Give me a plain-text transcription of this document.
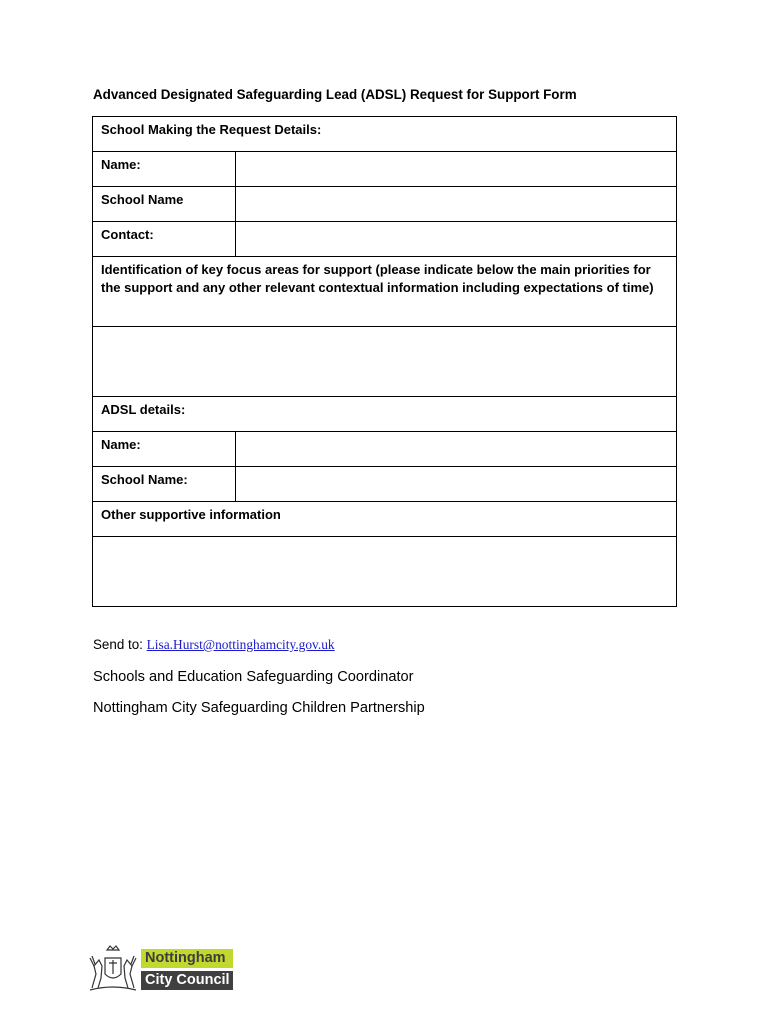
Advanced Designated Safeguarding Lead (ADSL) Request for Support Form
School Making the Request Details:	
Name:	
School Name	
Contact:	
Identification of key focus areas for support (please indicate below the main priorities for the support and any other relevant contextual information including expectations of time)	

ADSL details:	
Name:	
School Name:	
Other supportive information	

Send to: Lisa.Hurst@nottinghamcity.gov.uk
Schools and Education Safeguarding Coordinator
Nottingham City Safeguarding Children Partnership
Nottingham
City Council
